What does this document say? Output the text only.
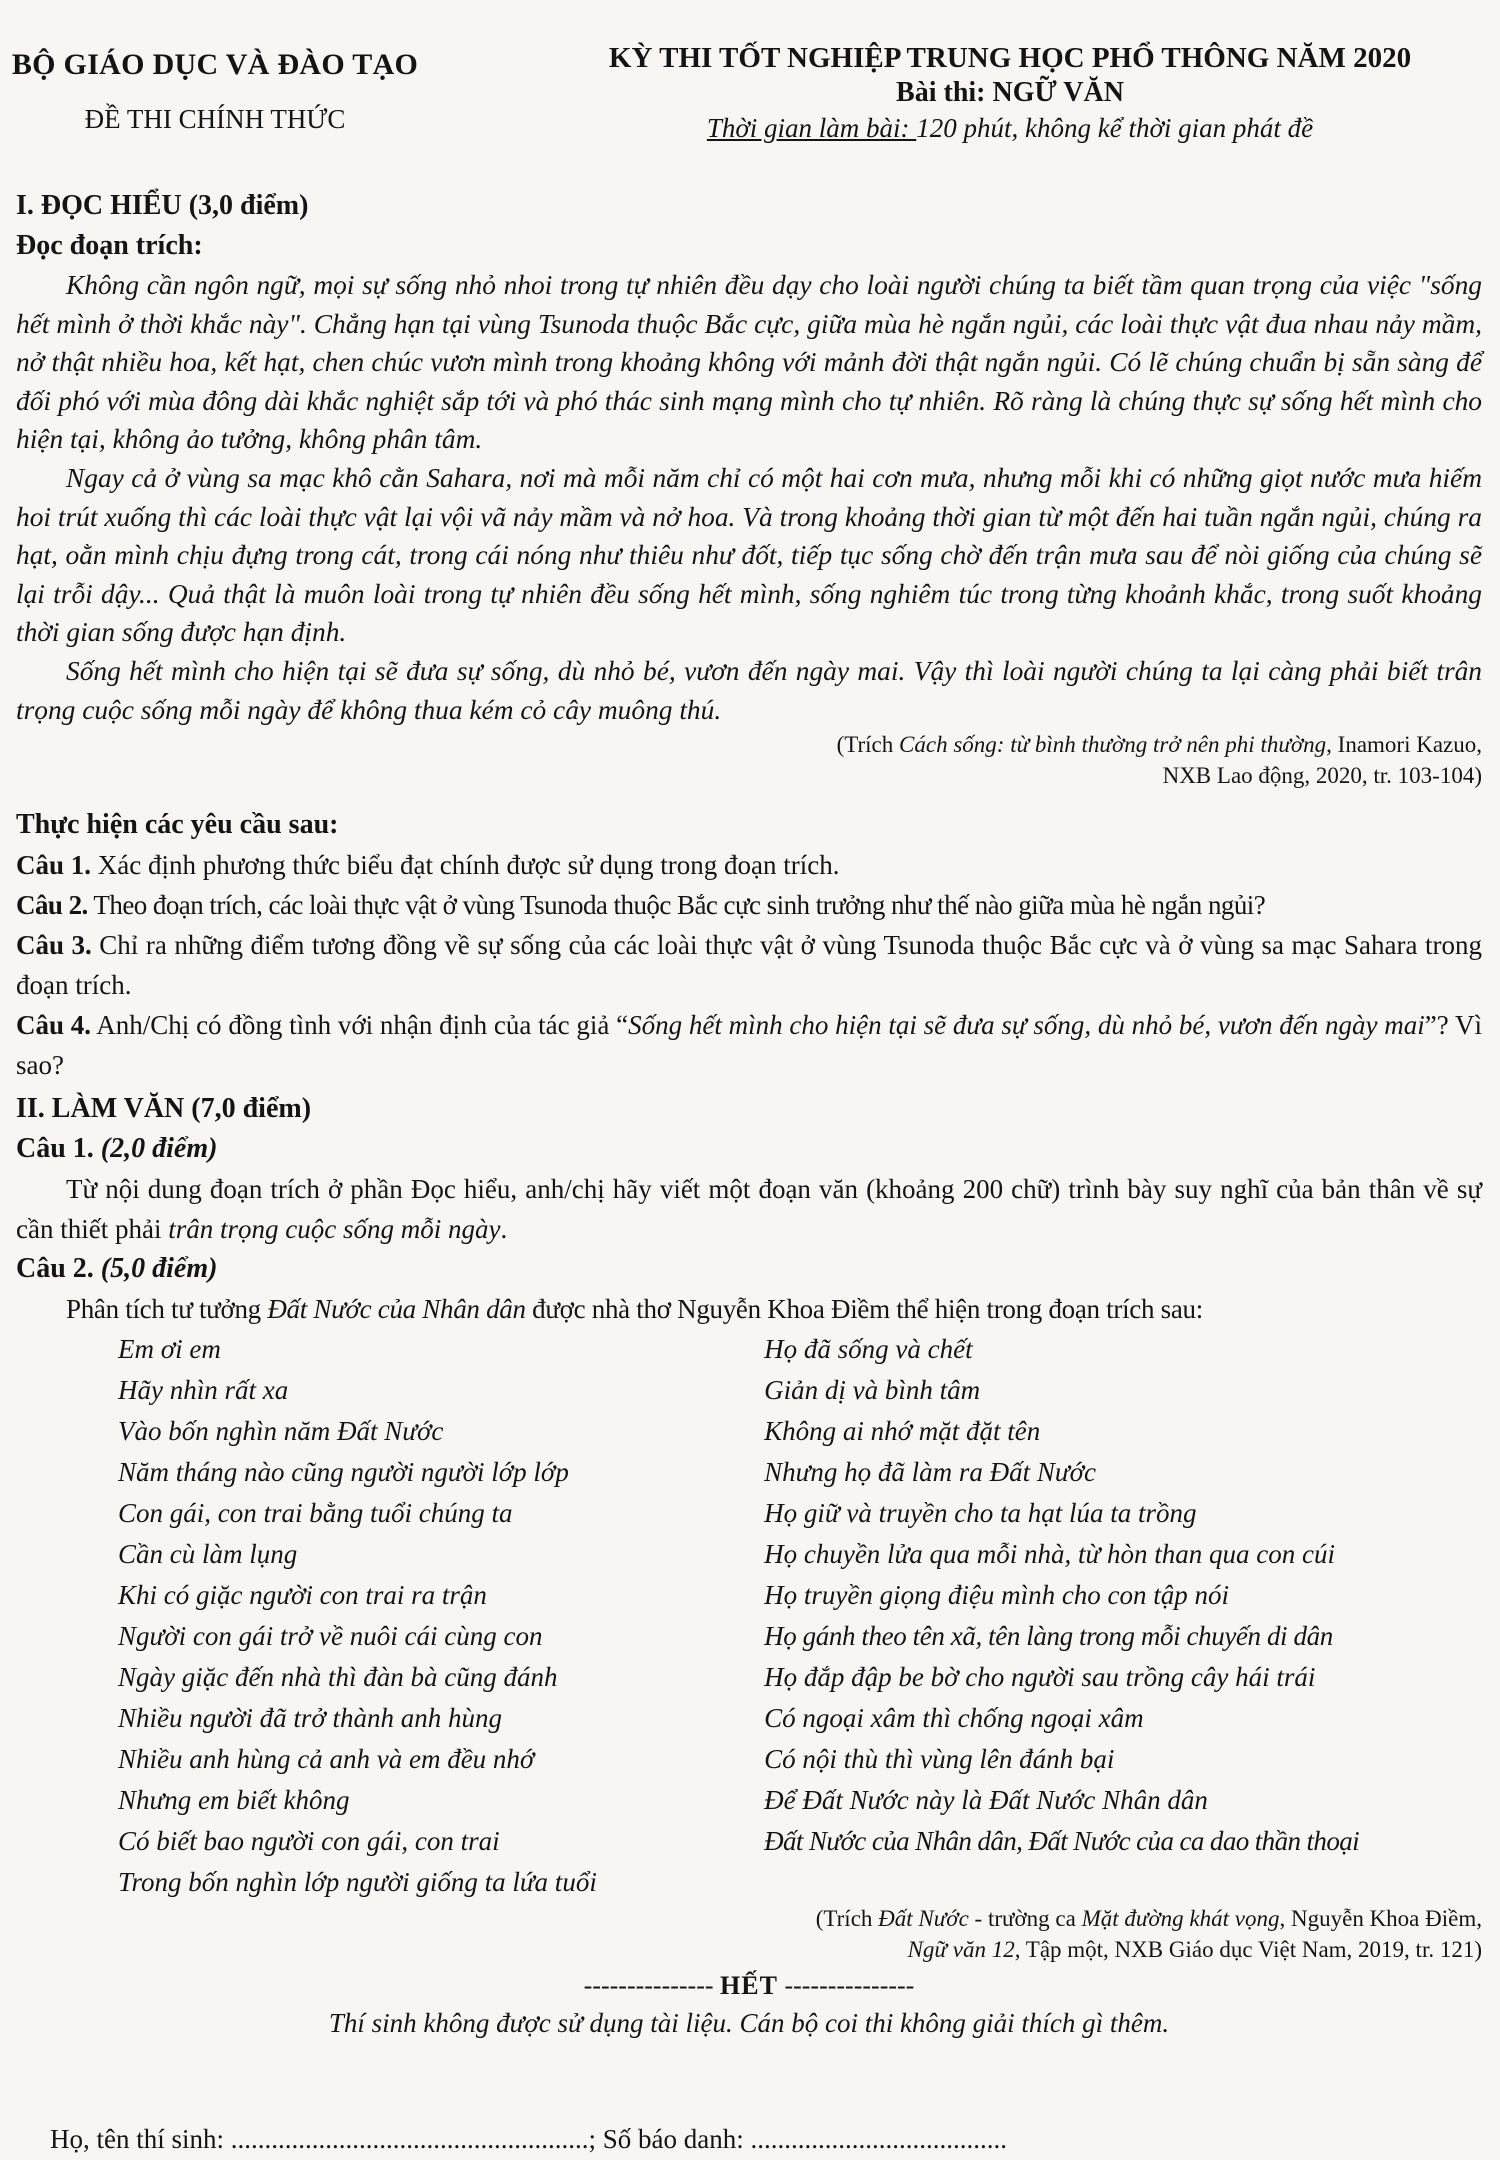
BỘ GIÁO DỤC VÀ ĐÀO TẠO
ĐỀ THI CHÍNH THỨC
KỲ THI TỐT NGHIỆP TRUNG HỌC PHỔ THÔNG NĂM 2020
Bài thi: NGỮ VĂN
Thời gian làm bài: 120 phút, không kể thời gian phát đề
I. ĐỌC HIỂU (3,0 điểm)
Đọc đoạn trích:

Không cần ngôn ngữ, mọi sự sống nhỏ nhoi trong tự nhiên đều dạy cho loài người chúng ta biết tầm quan trọng của việc "sống hết mình ở thời khắc này". Chẳng hạn tại vùng Tsunoda thuộc Bắc cực, giữa mùa hè ngắn ngủi, các loài thực vật đua nhau nảy mầm, nở thật nhiều hoa, kết hạt, chen chúc vươn mình trong khoảng không với mảnh đời thật ngắn ngủi. Có lẽ chúng chuẩn bị sẵn sàng để đối phó với mùa đông dài khắc nghiệt sắp tới và phó thác sinh mạng mình cho tự nhiên. Rõ ràng là chúng thực sự sống hết mình cho hiện tại, không ảo tưởng, không phân tâm.

Ngay cả ở vùng sa mạc khô cằn Sahara, nơi mà mỗi năm chỉ có một hai cơn mưa, nhưng mỗi khi có những giọt nước mưa hiếm hoi trút xuống thì các loài thực vật lại vội vã nảy mầm và nở hoa. Và trong khoảng thời gian từ một đến hai tuần ngắn ngủi, chúng ra hạt, oằn mình chịu đựng trong cát, trong cái nóng như thiêu như đốt, tiếp tục sống chờ đến trận mưa sau để nòi giống của chúng sẽ lại trỗi dậy... Quả thật là muôn loài trong tự nhiên đều sống hết mình, sống nghiêm túc trong từng khoảnh khắc, trong suốt khoảng thời gian sống được hạn định.

Sống hết mình cho hiện tại sẽ đưa sự sống, dù nhỏ bé, vươn đến ngày mai. Vậy thì loài người chúng ta lại càng phải biết trân trọng cuộc sống mỗi ngày để không thua kém cỏ cây muông thú.

(Trích Cách sống: từ bình thường trở nên phi thường, Inamori Kazuo,
NXB Lao động, 2020, tr. 103-104)

Thực hiện các yêu cầu sau:

Câu 1. Xác định phương thức biểu đạt chính được sử dụng trong đoạn trích.

Câu 2. Theo đoạn trích, các loài thực vật ở vùng Tsunoda thuộc Bắc cực sinh trưởng như thế nào giữa mùa hè ngắn ngủi?

Câu 3. Chỉ ra những điểm tương đồng về sự sống của các loài thực vật ở vùng Tsunoda thuộc Bắc cực và ở vùng sa mạc Sahara trong đoạn trích.

Câu 4. Anh/Chị có đồng tình với nhận định của tác giả “Sống hết mình cho hiện tại sẽ đưa sự sống, dù nhỏ bé, vươn đến ngày mai”? Vì sao?

II. LÀM VĂN (7,0 điểm)
Câu 1. (2,0 điểm)

Từ nội dung đoạn trích ở phần Đọc hiểu, anh/chị hãy viết một đoạn văn (khoảng 200 chữ) trình bày suy nghĩ của bản thân về sự cần thiết phải trân trọng cuộc sống mỗi ngày.

Câu 2. (5,0 điểm)

Phân tích tư tưởng Đất Nước của Nhân dân được nhà thơ Nguyễn Khoa Điềm thể hiện trong đoạn trích sau:

Em ơi em
Hãy nhìn rất xa
Vào bốn nghìn năm Đất Nước
Năm tháng nào cũng người người lớp lớp
Con gái, con trai bằng tuổi chúng ta
Cần cù làm lụng
Khi có giặc người con trai ra trận
Người con gái trở về nuôi cái cùng con
Ngày giặc đến nhà thì đàn bà cũng đánh
Nhiều người đã trở thành anh hùng
Nhiều anh hùng cả anh và em đều nhớ
Nhưng em biết không
Có biết bao người con gái, con trai
Trong bốn nghìn lớp người giống ta lứa tuổi
Họ đã sống và chết
Giản dị và bình tâm
Không ai nhớ mặt đặt tên
Nhưng họ đã làm ra Đất Nước
Họ giữ và truyền cho ta hạt lúa ta trồng
Họ chuyền lửa qua mỗi nhà, từ hòn than qua con cúi
Họ truyền giọng điệu mình cho con tập nói
Họ gánh theo tên xã, tên làng trong mỗi chuyến di dân
Họ đắp đập be bờ cho người sau trồng cây hái trái
Có ngoại xâm thì chống ngoại xâm
Có nội thù thì vùng lên đánh bại
Để Đất Nước này là Đất Nước Nhân dân
Đất Nước của Nhân dân, Đất Nước của ca dao thần thoại

(Trích Đất Nước - trường ca Mặt đường khát vọng, Nguyễn Khoa Điềm,
Ngữ văn 12, Tập một, NXB Giáo dục Việt Nam, 2019, tr. 121)

--------------- HẾT ---------------
Thí sinh không được sử dụng tài liệu. Cán bộ coi thi không giải thích gì thêm.
Họ, tên thí sinh: .....................................................; Số báo danh: ......................................
